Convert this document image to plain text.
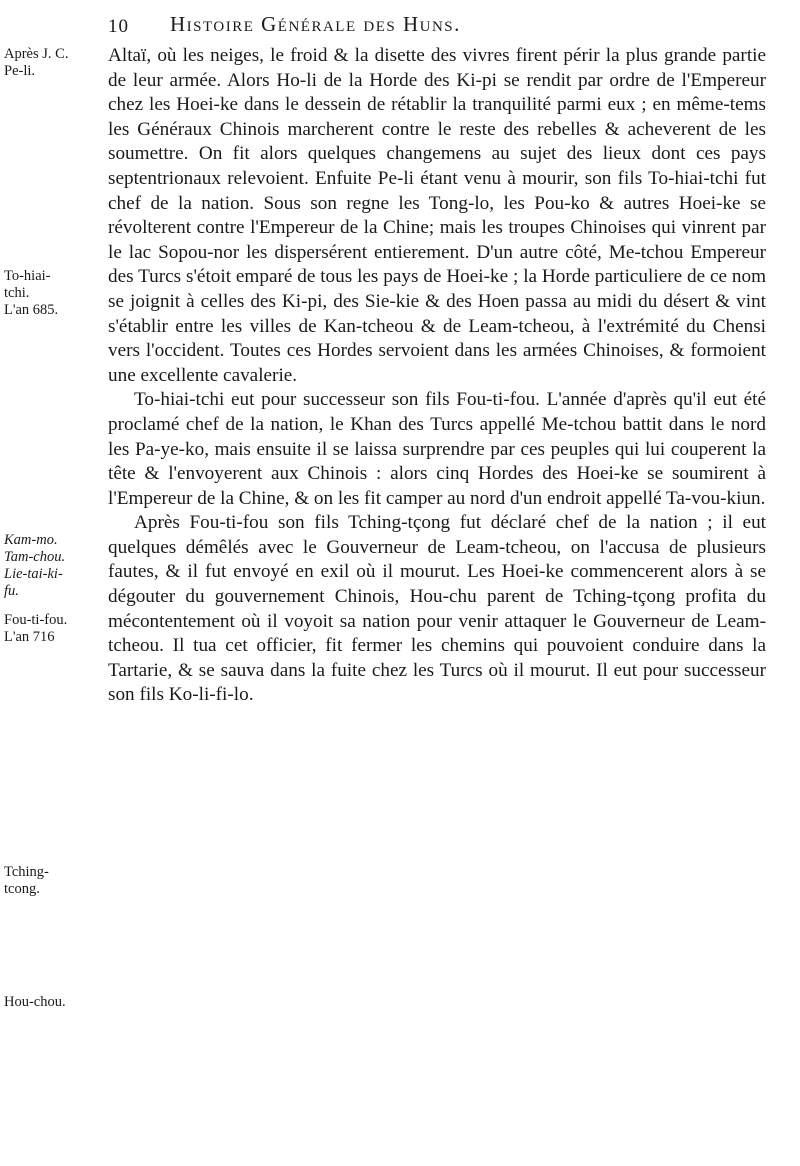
10 Histoire Générale des Huns.
Après J. C.
Pe-li.
To-hiai-
tchi.
L'an 685.
Kam-mo.
Tam-chou.
Lie-tai-ki-
fu.
Fou-ti-fou.
L'an 716
Tching-
tcong.
Hou-chou.

Altaï, où les neiges, le froid & la disette des vivres firent périr la plus grande partie de leur armée. Alors Ho-li de la Horde des Ki-pi se rendit par ordre de l'Empereur chez les Hoei-ke dans le dessein de rétablir la tranquilité parmi eux ; en même-tems les Généraux Chinois marcherent contre le reste des rebelles & acheverent de les soumettre. On fit alors quelques changemens au sujet des lieux dont ces pays septentrionaux relevoient. Enfuite Pe-li étant venu à mourir, son fils To-hiai-tchi fut chef de la nation. Sous son regne les Tong-lo, les Pou-ko & autres Hoei-ke se révolterent contre l'Empereur de la Chine; mais les troupes Chinoises qui vinrent par le lac Sopou-nor les dispersérent entierement. D'un autre côté, Me-tchou Empereur des Turcs s'étoit emparé de tous les pays de Hoei-ke ; la Horde particuliere de ce nom se joignit à celles des Ki-pi, des Sie-kie & des Hoen passa au midi du désert & vint s'établir entre les villes de Kan-tcheou & de Leam-tcheou, à l'extrémité du Chensi vers l'occident. Toutes ces Hordes servoient dans les armées Chinoises, & formoient une excellente cavalerie.

To-hiai-tchi eut pour successeur son fils Fou-ti-fou. L'année d'après qu'il eut été proclamé chef de la nation, le Khan des Turcs appellé Me-tchou battit dans le nord les Pa-ye-ko, mais ensuite il se laissa surprendre par ces peuples qui lui couperent la tête & l'envoyerent aux Chinois : alors cinq Hordes des Hoei-ke se soumirent à l'Empereur de la Chine, & on les fit camper au nord d'un endroit appellé Ta-vou-kiun.

Après Fou-ti-fou son fils Tching-tçong fut déclaré chef de la nation ; il eut quelques démêlés avec le Gouverneur de Leam-tcheou, on l'accusa de plusieurs fautes, & il fut envoyé en exil où il mourut. Les Hoei-ke commencerent alors à se dégouter du gouvernement Chinois, Hou-chu parent de Tching-tçong profita du mécontentement où il voyoit sa nation pour venir attaquer le Gouverneur de Leam-tcheou. Il tua cet officier, fit fermer les chemins qui pouvoient conduire dans la Tartarie, & se sauva dans la fuite chez les Turcs où il mourut. Il eut pour successeur son fils Ko-li-fi-lo.
